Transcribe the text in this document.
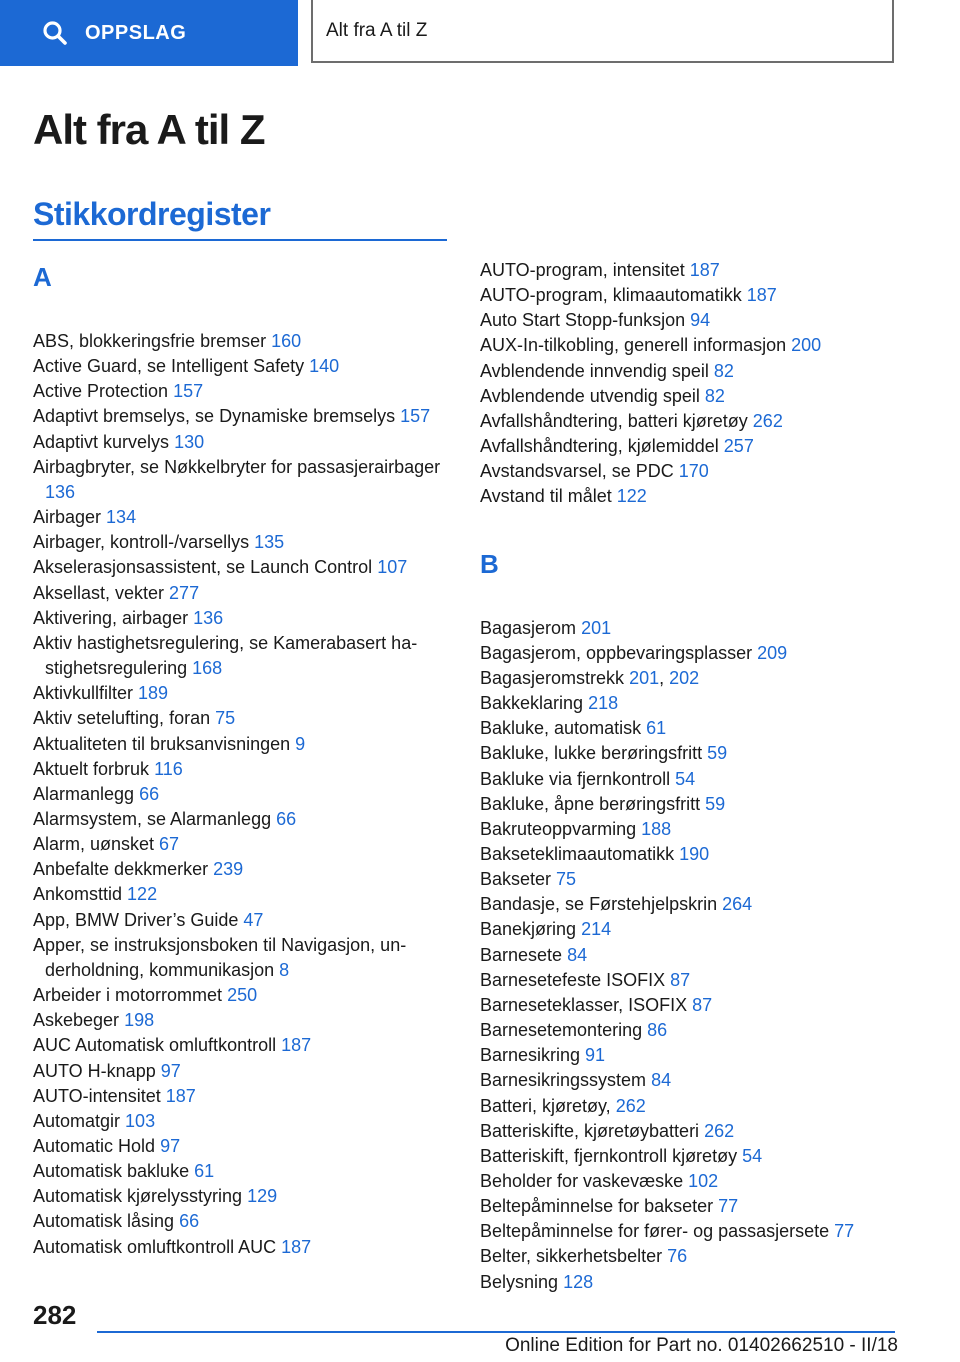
OPPSLAG	Alt fra A til Z
Alt fra A til Z
Stikkordregister
A
ABS, blokkeringsfrie bremser 160
Active Guard, se Intelligent Safety 140
Active Protection 157
Adaptivt bremselys, se Dynamiske bremselys 157
Adaptivt kurvelys 130
Airbagbryter, se Nøkkelbryter for passasjerairbager 136
Airbager 134
Airbager, kontroll-/varsellys 135
Akselerasjonsassistent, se Launch Control 107
Aksellast, vekter 277
Aktivering, airbager 136
Aktiv hastighetsregulering, se Kamerabasert hastighetsregulering 168
Aktivkullfilter 189
Aktiv setelufting, foran 75
Aktualiteten til bruksanvisningen 9
Aktuelt forbruk 116
Alarmanlegg 66
Alarmsystem, se Alarmanlegg 66
Alarm, uønsket 67
Anbefalte dekkmerker 239
Ankomsttid 122
App, BMW Driver’s Guide 47
Apper, se instruksjonsboken til Navigasjon, underholdning, kommunikasjon 8
Arbeider i motorrommet 250
Askebeger 198
AUC Automatisk omluftkontroll 187
AUTO H-knapp 97
AUTO-intensitet 187
Automatgir 103
Automatic Hold 97
Automatisk bakluke 61
Automatisk kjørelysstyring 129
Automatisk låsing 66
Automatisk omluftkontroll AUC 187
AUTO-program, intensitet 187
AUTO-program, klimaautomatikk 187
Auto Start Stopp-funksjon 94
AUX-In-tilkobling, generell informasjon 200
Avblendende innvendig speil 82
Avblendende utvendig speil 82
Avfallshåndtering, batteri kjøretøy 262
Avfallshåndtering, kjølemiddel 257
Avstandsvarsel, se PDC 170
Avstand til målet 122
B
Bagasjerom 201
Bagasjerom, oppbevaringsplasser 209
Bagasjeromstrekk 201, 202
Bakkeklaring 218
Bakluke, automatisk 61
Bakluke, lukke berøringsfritt 59
Bakluke via fjernkontroll 54
Bakluke, åpne berøringsfritt 59
Bakruteoppvarming 188
Bakseteklimaautomatikk 190
Bakseter 75
Bandasje, se Førstehjelpskrin 264
Banekjøring 214
Barnesete 84
Barnesetefeste ISOFIX 87
Barneseteklasser, ISOFIX 87
Barnesetemontering 86
Barnesikring 91
Barnesikringssystem 84
Batteri, kjøretøy, 262
Batteriskifte, kjøretøybatteri 262
Batteriskift, fjernkontroll kjøretøy 54
Beholder for vaskevæske 102
Beltepåminnelse for bakseter 77
Beltepåminnelse for fører- og passasjersete 77
Belter, sikkerhetsbelter 76
Belysning 128
282
Online Edition for Part no. 01402662510 - II/18
